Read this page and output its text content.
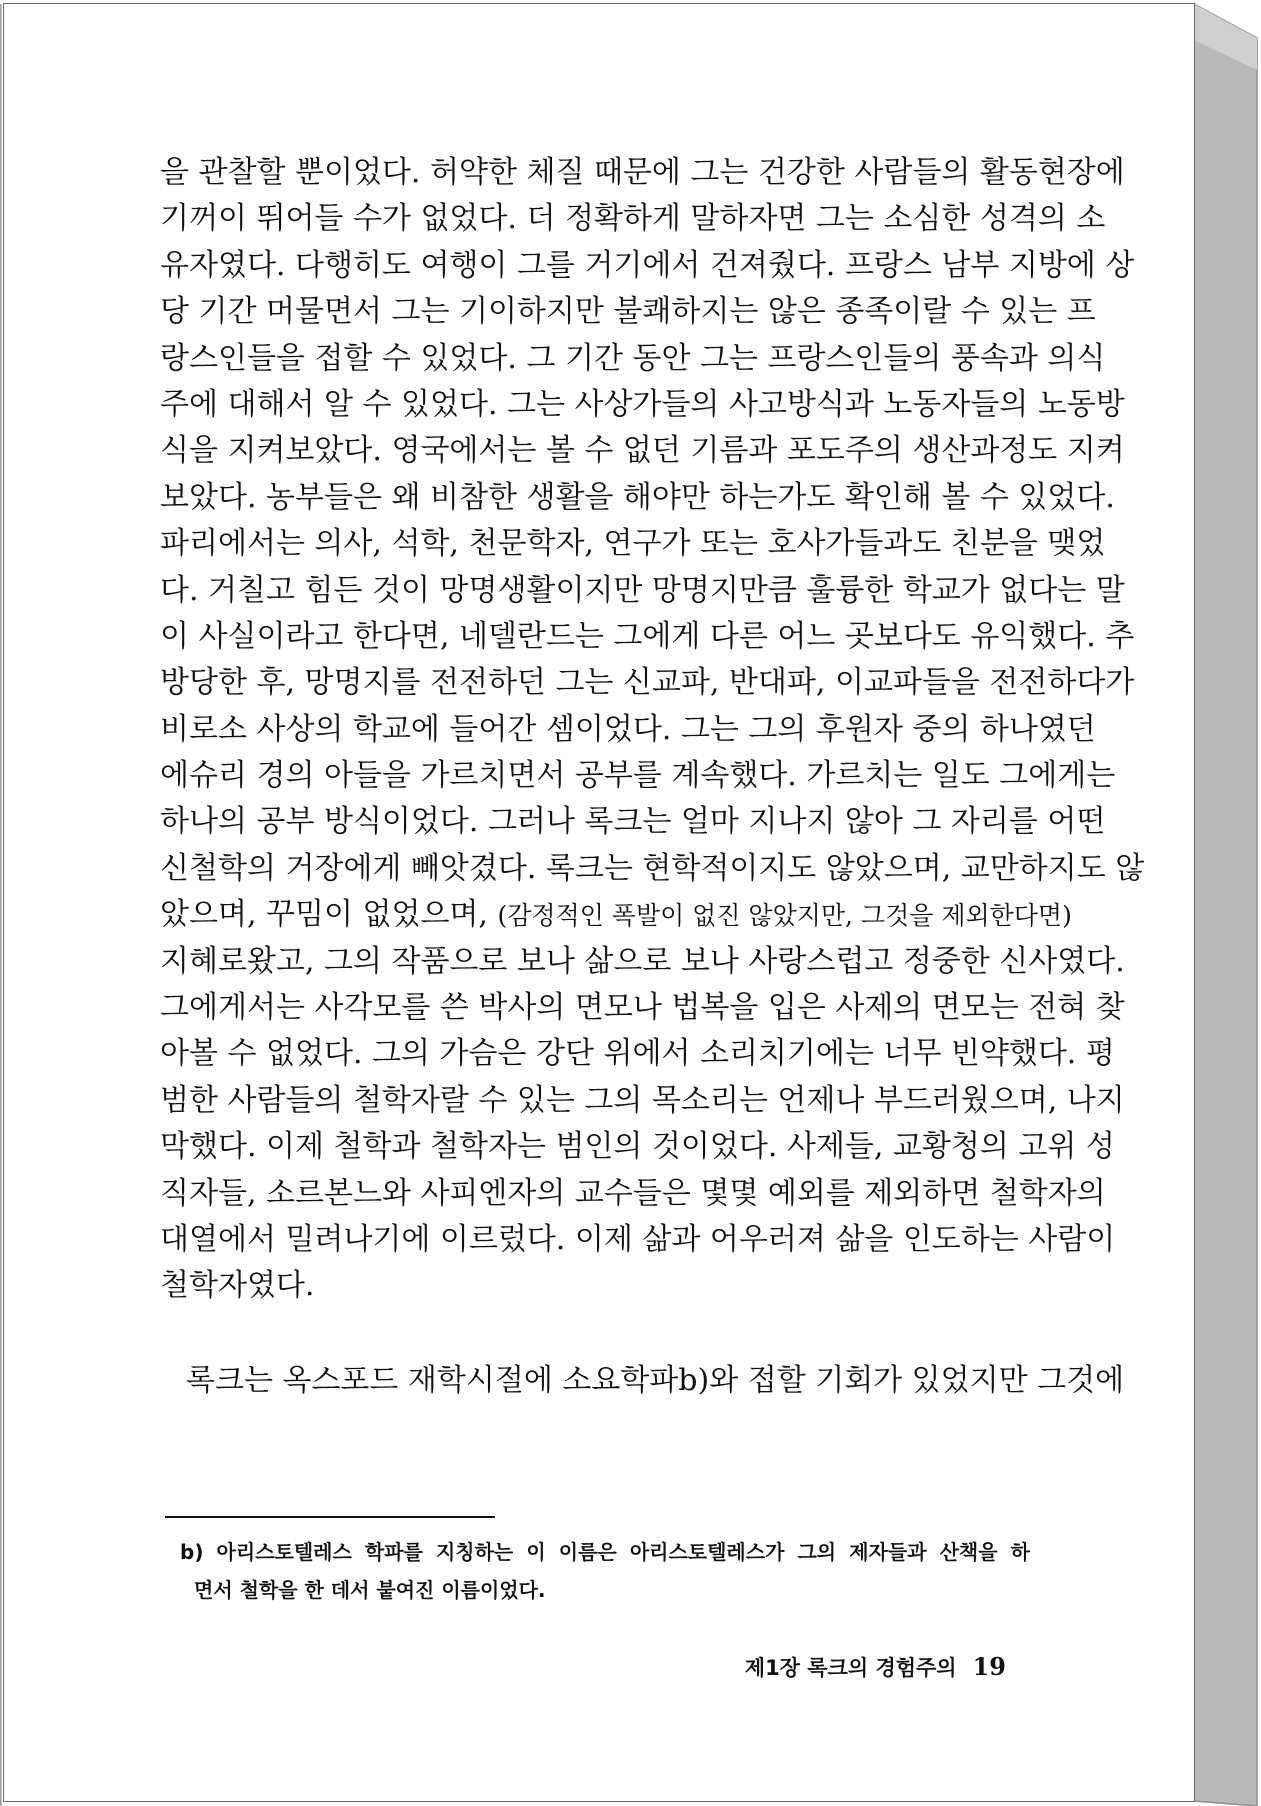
을 관찰할 뿐이었다. 허약한 체질 때문에 그는 건강한 사람들의 활동현장에
기꺼이 뛰어들 수가 없었다. 더 정확하게 말하자면 그는 소심한 성격의 소
유자였다. 다행히도 여행이 그를 거기에서 건져줬다. 프랑스 남부 지방에 상
당 기간 머물면서 그는 기이하지만 불쾌하지는 않은 종족이랄 수 있는 프
랑스인들을 접할 수 있었다. 그 기간 동안 그는 프랑스인들의 풍속과 의식
주에 대해서 알 수 있었다. 그는 사상가들의 사고방식과 노동자들의 노동방
식을 지켜보았다. 영국에서는 볼 수 없던 기름과 포도주의 생산과정도 지켜
보았다. 농부들은 왜 비참한 생활을 해야만 하는가도 확인해 볼 수 있었다.
파리에서는 의사, 석학, 천문학자, 연구가 또는 호사가들과도 친분을 맺었
다. 거칠고 힘든 것이 망명생활이지만 망명지만큼 훌륭한 학교가 없다는 말
이 사실이라고 한다면, 네델란드는 그에게 다른 어느 곳보다도 유익했다. 추
방당한 후, 망명지를 전전하던 그는 신교파, 반대파, 이교파들을 전전하다가
비로소 사상의 학교에 들어간 셈이었다. 그는 그의 후원자 중의 하나였던
에슈리 경의 아들을 가르치면서 공부를 계속했다. 가르치는 일도 그에게는
하나의 공부 방식이었다. 그러나 록크는 얼마 지나지 않아 그 자리를 어떤
신철학의 거장에게 빼앗겼다. 록크는 현학적이지도 않았으며, 교만하지도 않
았으며, 꾸밈이 없었으며, (감정적인 폭발이 없진 않았지만, 그것을 제외한다면)
지혜로왔고, 그의 작품으로 보나 삶으로 보나 사랑스럽고 정중한 신사였다.
그에게서는 사각모를 쓴 박사의 면모나 법복을 입은 사제의 면모는 전혀 찾
아볼 수 없었다. 그의 가슴은 강단 위에서 소리치기에는 너무 빈약했다. 평
범한 사람들의 철학자랄 수 있는 그의 목소리는 언제나 부드러웠으며, 나지
막했다. 이제 철학과 철학자는 범인의 것이었다. 사제들, 교황청의 고위 성
직자들, 소르본느와 사피엔자의 교수들은 몇몇 예외를 제외하면 철학자의
대열에서 밀려나기에 이르렀다. 이제 삶과 어우러져 삶을 인도하는 사람이
철학자였다.
록크는 옥스포드 재학시절에 소요학파b)와 접할 기회가 있었지만 그것에
b) 아리스토텔레스 학파를 지칭하는 이 이름은 아리스토텔레스가 그의 제자들과 산책을 하
면서 철학을 한 데서 붙여진 이름이었다.
제1장 록크의 경험주의 19
